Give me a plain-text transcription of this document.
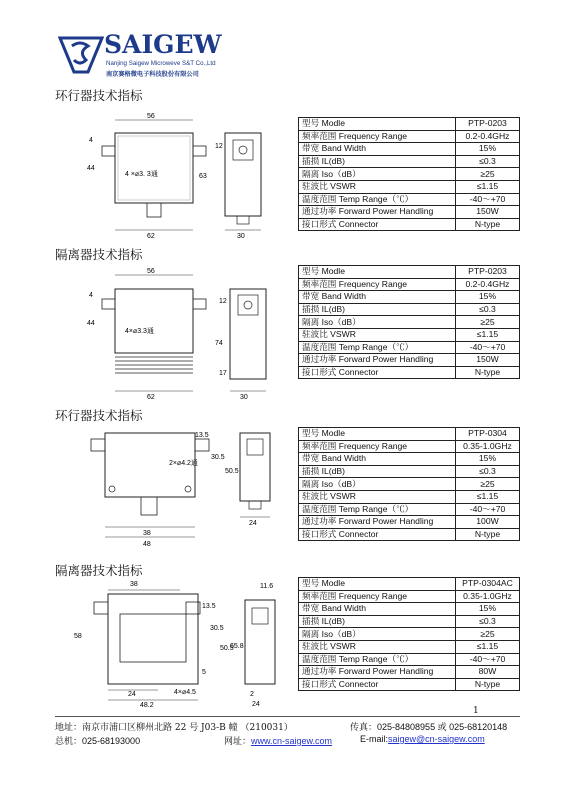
SAIGEW
Nanjing Saigew Microweve S&T Co.,Ltd
南京赛格微电子科技股份有限公司
环行器技术指标
56
62
44
4
4 ×⌀3. 3通	63
30
12
型号 Modle	PTP-0203
频率范围 Frequency Range	0.2-0.4GHz
带宽 Band Width	15%
插损 IL(dB)	≤0.3
隔离 Iso（dB）	≥25
驻波比 VSWR	≤1.15
温度范围 Temp Range（℃）	-40～+70
通过功率 Forward Power Handling	150W
接口形式 Connector	N-type
隔离器技术指标
56
62
44
4
4×⌀3.3通
74
30
12
17
型号 Modle	PTP-0203
频率范围 Frequency Range	0.2-0.4GHz
带宽 Band Width	15%
插损 IL(dB)	≤0.3
隔离 Iso（dB）	≥25
驻波比 VSWR	≤1.15
温度范围 Temp Range（℃）	-40～+70
通过功率 Forward Power Handling	150W
接口形式 Connector	N-type
环行器技术指标
13.5
30.5
50.5
2×⌀4.2通
38
48
24
型号 Modle	PTP-0304
频率范围 Frequency Range	0.35-1.0GHz
带宽 Band Width	15%
插损 IL(dB)	≤0.3
隔离 Iso（dB）	≥25
驻波比 VSWR	≤1.15
温度范围 Temp Range（℃）	-40～+70
通过功率 Forward Power Handling	100W
接口形式 Connector	N-type
隔离器技术指标
38
58
13.5
30.5
50.5
5
4×⌀4.5
24
48.2
11.6
65.8
2
24
型号 Modle	PTP-0304AC
频率范围 Frequency Range	0.35-1.0GHz
带宽 Band Width	15%
插损 IL(dB)	≤0.3
隔离 Iso（dB）	≥25
驻波比 VSWR	≤1.15
温度范围 Temp Range（℃）	-40～+70
通过功率 Forward Power Handling	80W
接口形式 Connector	N-type
1
地址：南京市浦口区柳州北路 22 号 J03-B 幢 （210031）	传真：025-84808955 或 025-68120148
总机：025-68193000	网址：www.cn-saigew.com	E-mail:saigew@cn-saigew.com
